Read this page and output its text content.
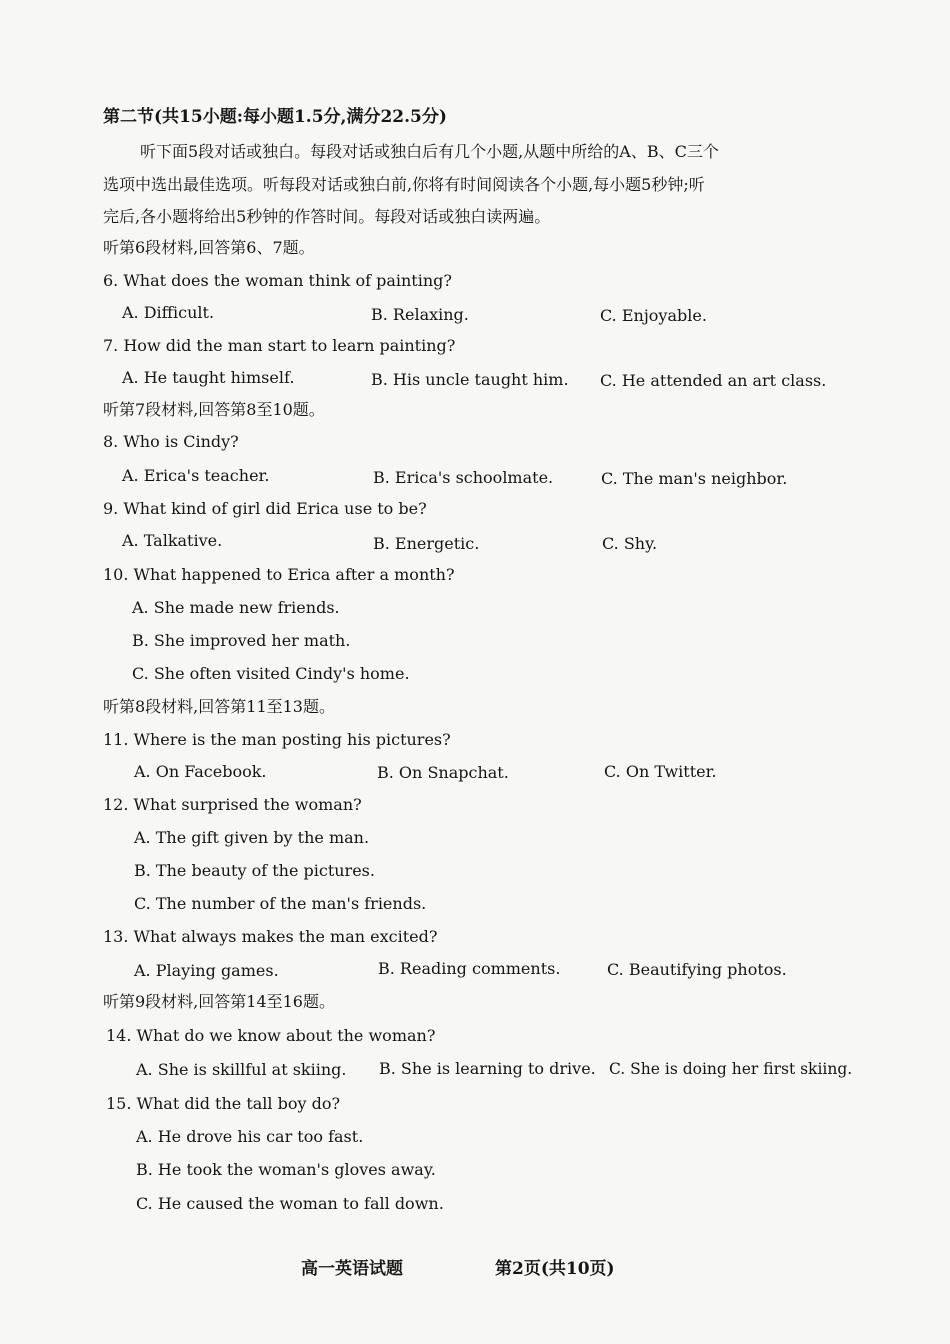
第二节(共15小题:每小题1.5分,满分22.5分)
听下面5段对话或独白。每段对话或独白后有几个小题,从题中所给的A、B、C三个
选项中选出最佳选项。听每段对话或独白前,你将有时间阅读各个小题,每小题5秒钟;听
完后,各小题将给出5秒钟的作答时间。每段对话或独白读两遍。
听第6段材料,回答第6、7题。
6. What does the woman think of painting?
A. Difficult.	B. Relaxing.	C. Enjoyable.
7. How did the man start to learn painting?
A. He taught himself.	B. His uncle taught him. C. He attended an art class.
听第7段材料,回答第8至10题。
8. Who is Cindy?
A. Erica's teacher.	B. Erica's schoolmate.	C. The man's neighbor.
9. What kind of girl did Erica use to be?
A. Talkative.	B. Energetic.	C. Shy.
10. What happened to Erica after a month?
A. She made new friends.
B. She improved her math.
C. She often visited Cindy's home.
听第8段材料,回答第11至13题。
11. Where is the man posting his pictures?
A. On Facebook.	B. On Snapchat.	C. On Twitter.
12. What surprised the woman?
A. The gift given by the man.
B. The beauty of the pictures.
C. The number of the man's friends.
13. What always makes the man excited?
A. Playing games.	B. Reading comments.	C. Beautifying photos.
听第9段材料,回答第14至16题。
14. What do we know about the woman?
A. She is skillful at skiing. B. She is learning to drive. C. She is doing her first skiing.
15. What did the tall boy do?
A. He drove his car too fast.
B. He took the woman's gloves away.
C. He caused the woman to fall down.
高一英语试题	第2页(共10页)
